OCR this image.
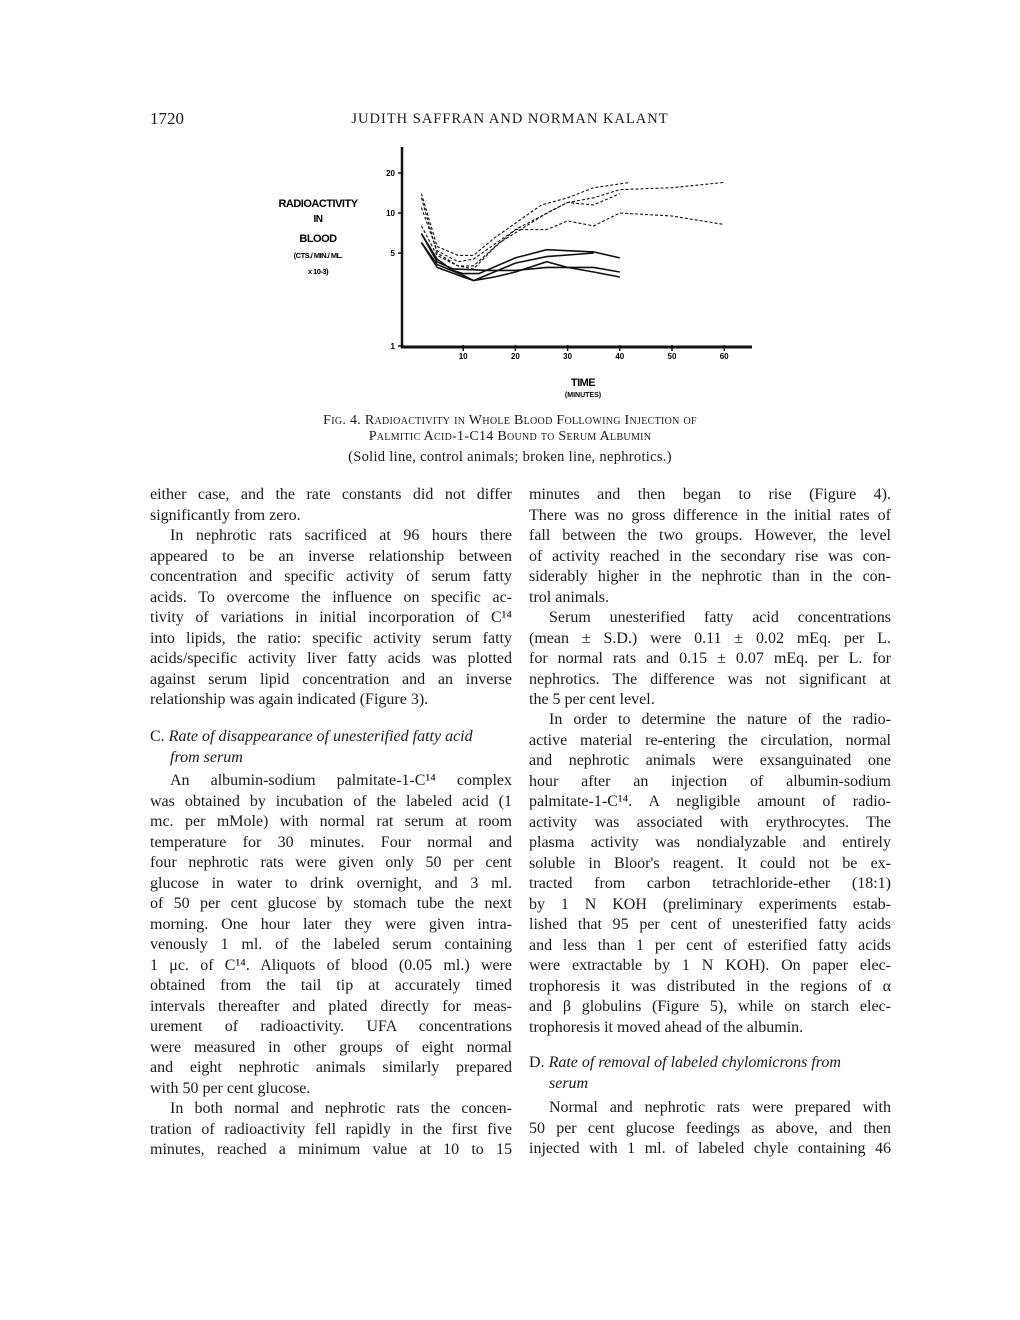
1720	JUDITH SAFFRAN AND NORMAN KALANT
1
5
10
20
10	20	30	40	50	60
RADIOACTIVITY
IN
BLOOD
(CTS./ MIN./ ML.
x 10-3)
TIME
(MINUTES)
Fig. 4. Radioactivity in Whole Blood Following Injection of
Palmitic Acid-1-C14 Bound to Serum Albumin
(Solid line, control animals; broken line, nephrotics.)
either case, and the rate constants did not differ
significantly from zero.
In nephrotic rats sacrificed at 96 hours there
appeared to be an inverse relationship between
concentration and specific activity of serum fatty
acids. To overcome the influence on specific ac-
tivity of variations in initial incorporation of C¹⁴
into lipids, the ratio: specific activity serum fatty
acids/specific activity liver fatty acids was plotted
against serum lipid concentration and an inverse
relationship was again indicated (Figure 3).
C. Rate of disappearance of unesterified fatty acid
from serum
An albumin-sodium palmitate-1-C¹⁴ complex
was obtained by incubation of the labeled acid (1
mc. per mMole) with normal rat serum at room
temperature for 30 minutes. Four normal and
four nephrotic rats were given only 50 per cent
glucose in water to drink overnight, and 3 ml.
of 50 per cent glucose by stomach tube the next
morning. One hour later they were given intra-
venously 1 ml. of the labeled serum containing
1 μc. of C¹⁴. Aliquots of blood (0.05 ml.) were
obtained from the tail tip at accurately timed
intervals thereafter and plated directly for meas-
urement of radioactivity. UFA concentrations
were measured in other groups of eight normal
and eight nephrotic animals similarly prepared
with 50 per cent glucose.
In both normal and nephrotic rats the concen-
tration of radioactivity fell rapidly in the first five
minutes, reached a minimum value at 10 to 15
minutes and then began to rise (Figure 4).
There was no gross difference in the initial rates of
fall between the two groups. However, the level
of activity reached in the secondary rise was con-
siderably higher in the nephrotic than in the con-
trol animals.
Serum unesterified fatty acid concentrations
(mean ± S.D.) were 0.11 ± 0.02 mEq. per L.
for normal rats and 0.15 ± 0.07 mEq. per L. for
nephrotics. The difference was not significant at
the 5 per cent level.
In order to determine the nature of the radio-
active material re-entering the circulation, normal
and nephrotic animals were exsanguinated one
hour after an injection of albumin-sodium
palmitate-1-C¹⁴. A negligible amount of radio-
activity was associated with erythrocytes. The
plasma activity was nondialyzable and entirely
soluble in Bloor's reagent. It could not be ex-
tracted from carbon tetrachloride-ether (18:1)
by 1 N KOH (preliminary experiments estab-
lished that 95 per cent of unesterified fatty acids
and less than 1 per cent of esterified fatty acids
were extractable by 1 N KOH). On paper elec-
trophoresis it was distributed in the regions of α
and β globulins (Figure 5), while on starch elec-
trophoresis it moved ahead of the albumin.
D. Rate of removal of labeled chylomicrons from
serum
Normal and nephrotic rats were prepared with
50 per cent glucose feedings as above, and then
injected with 1 ml. of labeled chyle containing 46
